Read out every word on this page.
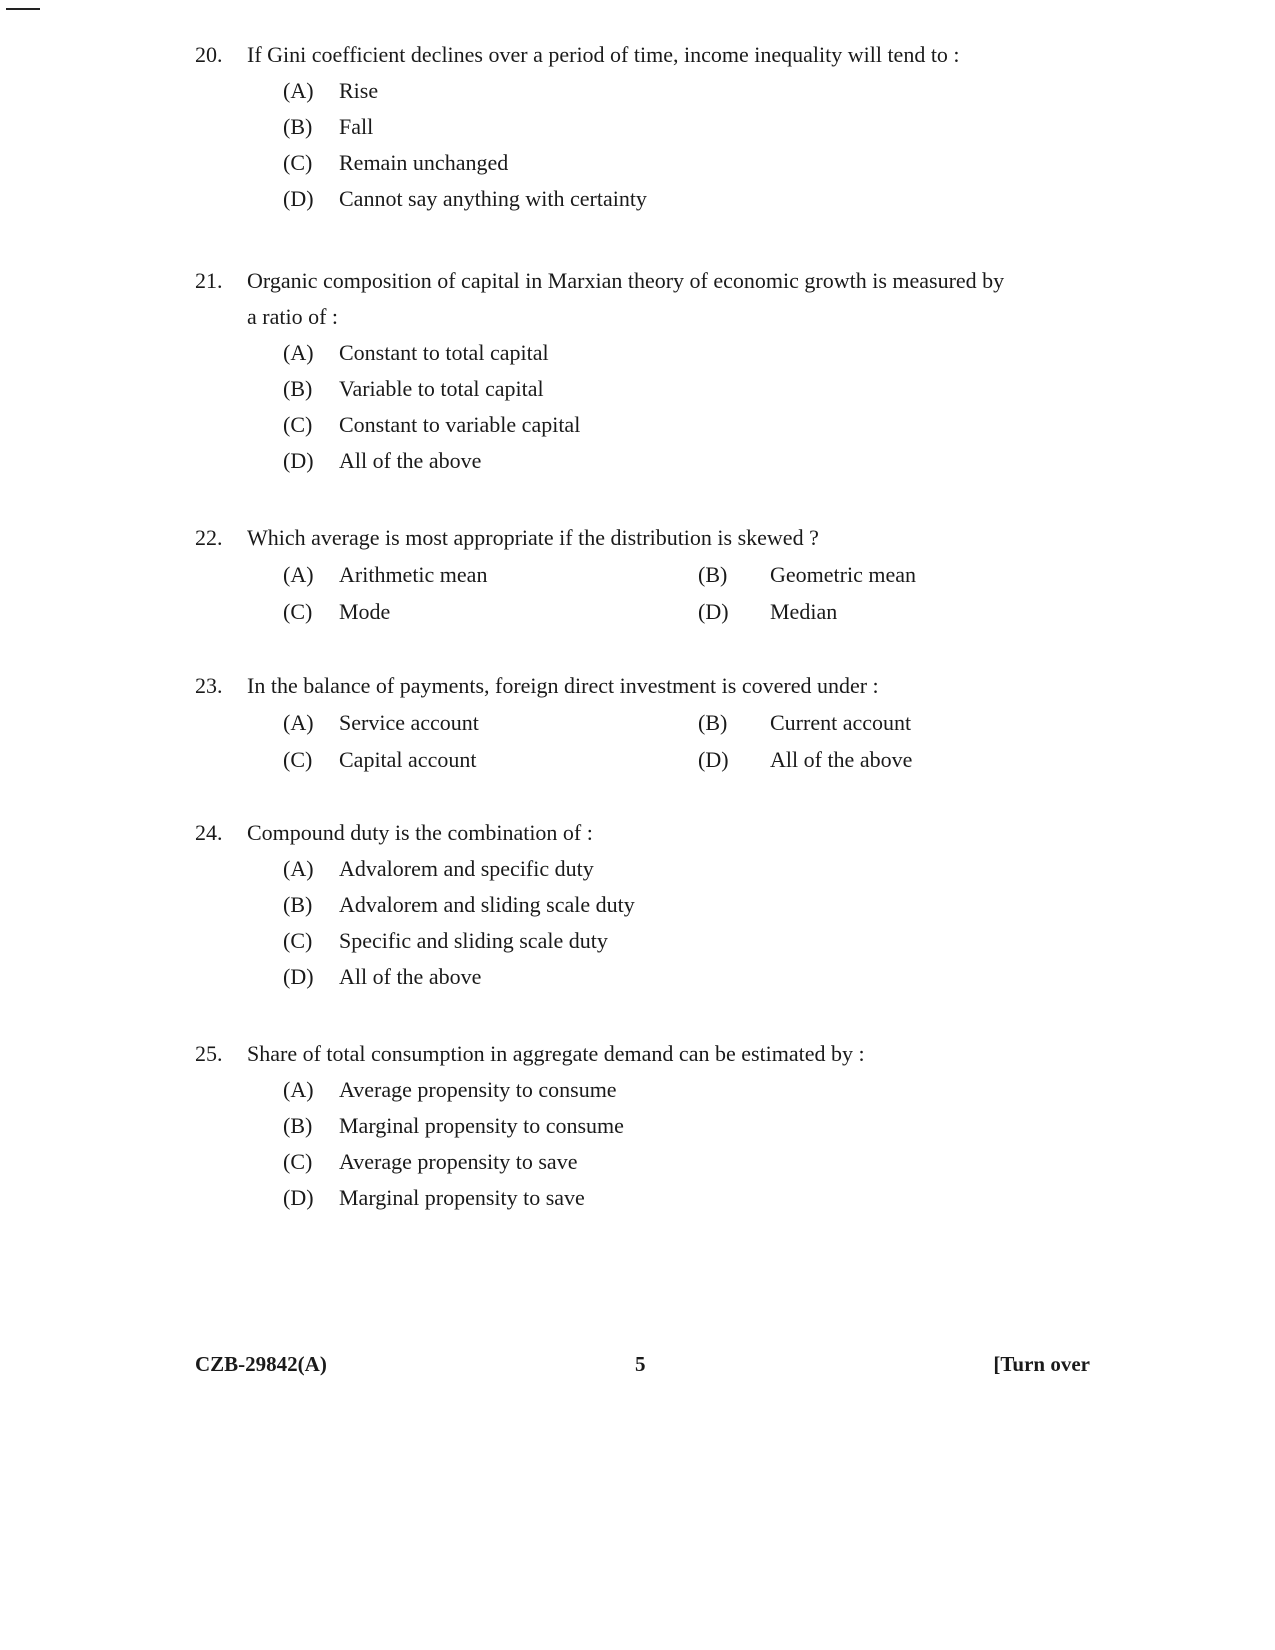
20.	If Gini coefficient declines over a period of time, income inequality will tend to :
(A)	Rise
(B)	Fall
(C)	Remain unchanged
(D)	Cannot say anything with certainty
21.	Organic composition of capital in Marxian theory of economic growth is measured by a ratio of :
(A)	Constant to total capital
(B)	Variable to total capital
(C)	Constant to variable capital
(D)	All of the above
22.	Which average is most appropriate if the distribution is skewed ?
(A)	Arithmetic mean	(B)	Geometric mean
(C)	Mode	(D)	Median
23.	In the balance of payments, foreign direct investment is covered under :
(A)	Service account	(B)	Current account
(C)	Capital account	(D)	All of the above
24.	Compound duty is the combination of :
(A)	Advalorem and specific duty
(B)	Advalorem and sliding scale duty
(C)	Specific and sliding scale duty
(D)	All of the above
25.	Share of total consumption in aggregate demand can be estimated by :
(A)	Average propensity to consume
(B)	Marginal propensity to consume
(C)	Average propensity to save
(D)	Marginal propensity to save
CZB-29842(A)	5	[Turn over
